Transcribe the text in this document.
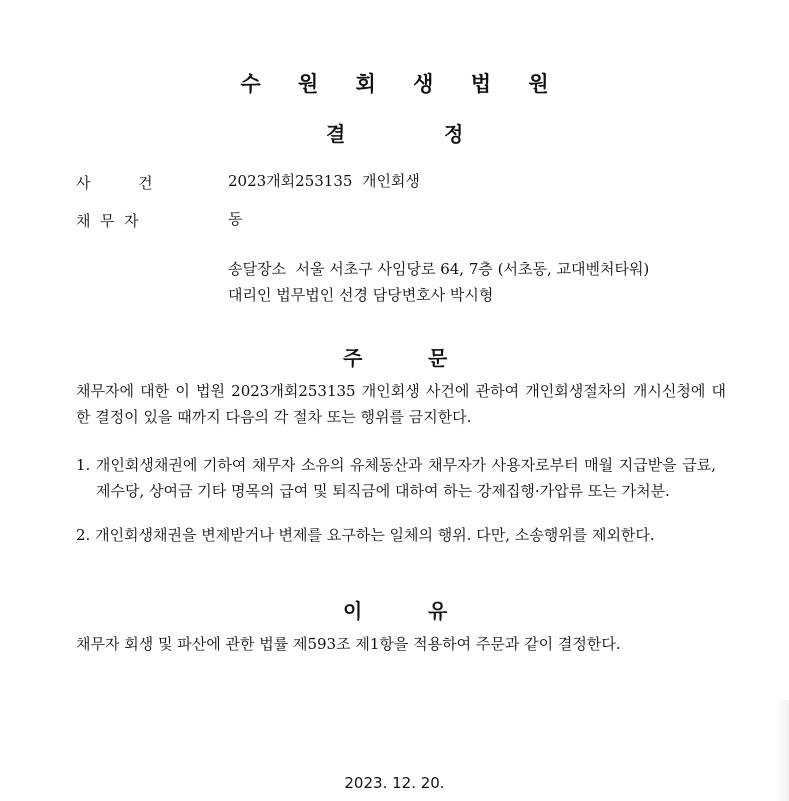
수 원 회 생 법 원
결	정
사          건	2023개회253135  개인회생
채  무  자	동
송달장소  서울 서초구 사임당로 64, 7층 (서초동, 교대벤처타워)
대리인 법무법인 선경 담당변호사 박시형
주	문
채무자에 대한 이 법원 2023개회253135 개인회생 사건에 관하여 개인회생절차의 개시신청에 대한 결정이 있을 때까지 다음의 각 절차 또는 행위를 금지한다.
1. 개인회생채권에 기하여 채무자 소유의 유체동산과 채무자가 사용자로부터 매월 지급받을 급료, 제수당, 상여금 기타 명목의 급여 및 퇴직금에 대하여 하는 강제집행·가압류 또는 가처분.
2. 개인회생채권을 변제받거나 변제를 요구하는 일체의 행위. 다만, 소송행위를 제외한다.
이	유
채무자 회생 및 파산에 관한 법률 제593조 제1항을 적용하여 주문과 같이 결정한다.
2023. 12. 20.
